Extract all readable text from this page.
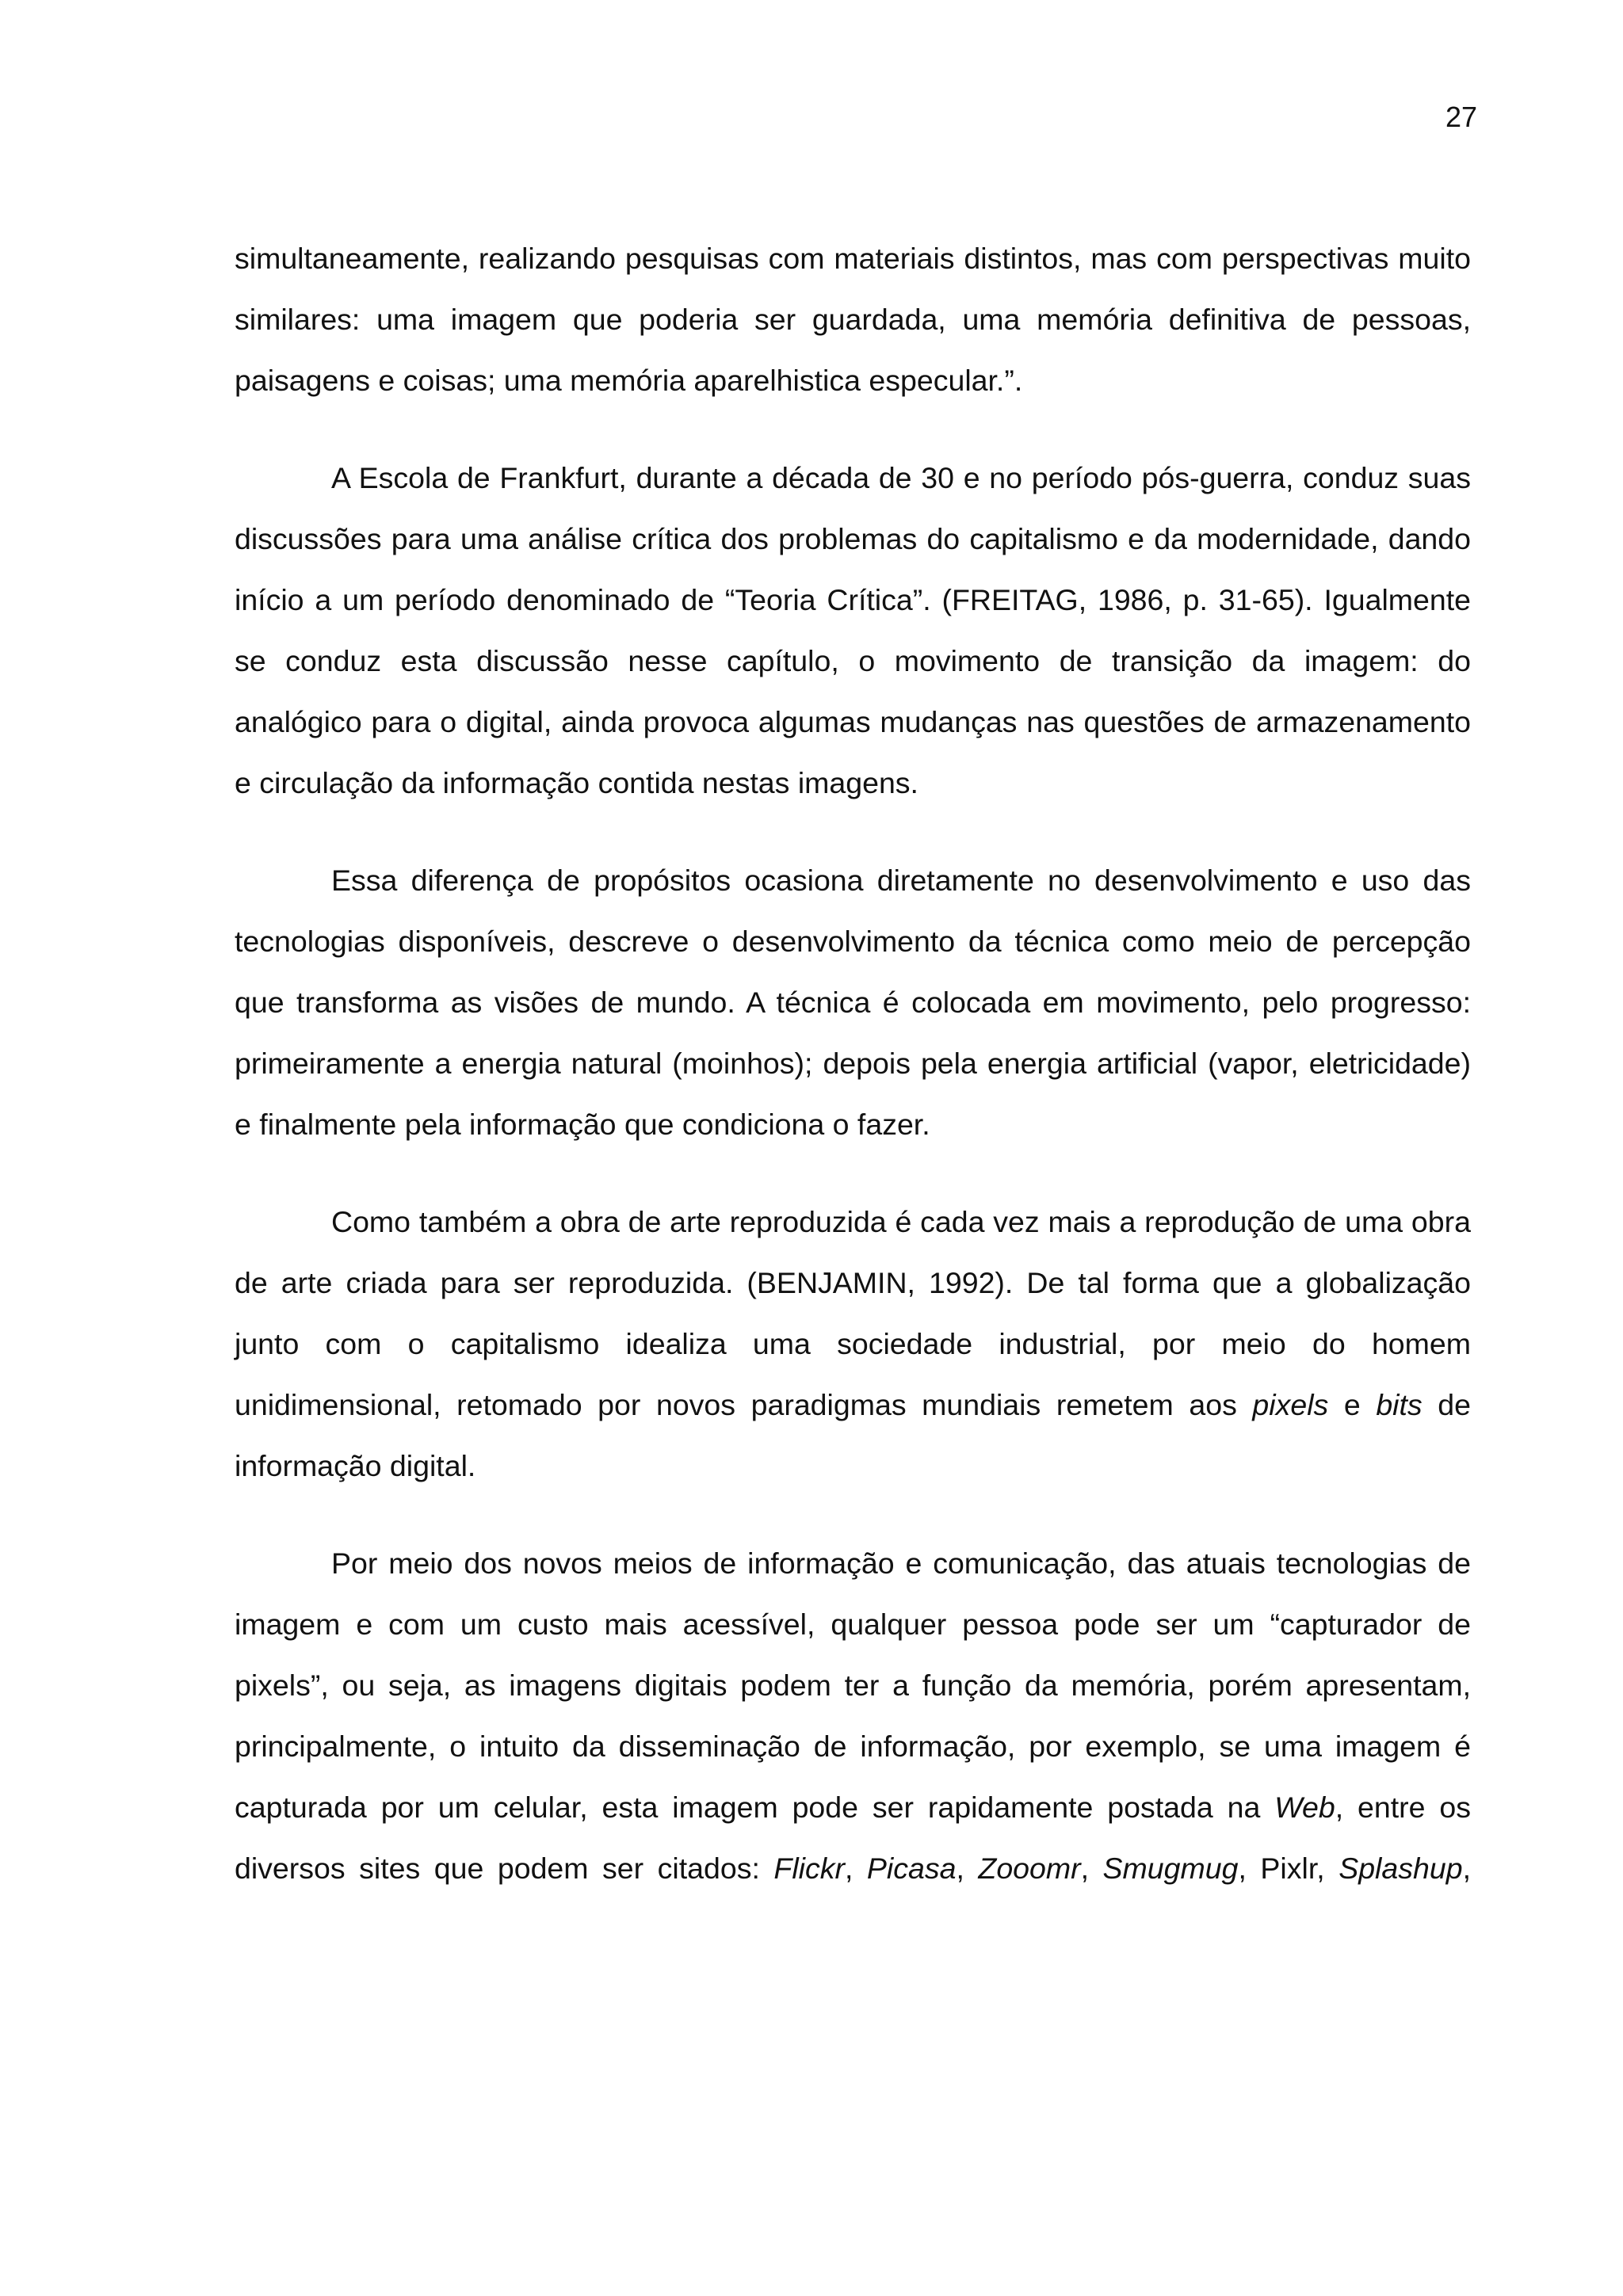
27

simultaneamente, realizando pesquisas com materiais distintos, mas com perspectivas muito similares: uma imagem que poderia ser guardada, uma memória definitiva de pessoas, paisagens e coisas; uma memória aparelhistica especular.”.

A Escola de Frankfurt, durante a década de 30 e no período pós-guerra, conduz suas discussões para uma análise crítica dos problemas do capitalismo e da modernidade, dando início a um período denominado de “Teoria Crítica”. (FREITAG, 1986, p. 31-65). Igualmente se conduz esta discussão nesse capítulo, o movimento de transição da imagem: do analógico para o digital, ainda provoca algumas mudanças nas questões de armazenamento e circulação da informação contida nestas imagens.

Essa diferença de propósitos ocasiona diretamente no desenvolvimento e uso das tecnologias disponíveis, descreve o desenvolvimento da técnica como meio de percepção que transforma as visões de mundo. A técnica é colocada em movimento, pelo progresso: primeiramente a energia natural (moinhos); depois pela energia artificial (vapor, eletricidade) e finalmente pela informação que condiciona o fazer.

Como também a obra de arte reproduzida é cada vez mais a reprodução de uma obra de arte criada para ser reproduzida. (BENJAMIN, 1992). De tal forma que a globalização junto com o capitalismo idealiza uma sociedade industrial, por meio do homem unidimensional, retomado por novos paradigmas mundiais remetem aos pixels e bits de informação digital.

Por meio dos novos meios de informação e comunicação, das atuais tecnologias de imagem e com um custo mais acessível, qualquer pessoa pode ser um “capturador de pixels”, ou seja, as imagens digitais podem ter a função da memória, porém apresentam, principalmente, o intuito da disseminação de informação, por exemplo, se uma imagem é capturada por um celular, esta imagem pode ser rapidamente postada na Web, entre os diversos sites que podem ser citados: Flickr, Picasa, Zooomr, Smugmug, Pixlr, Splashup,
